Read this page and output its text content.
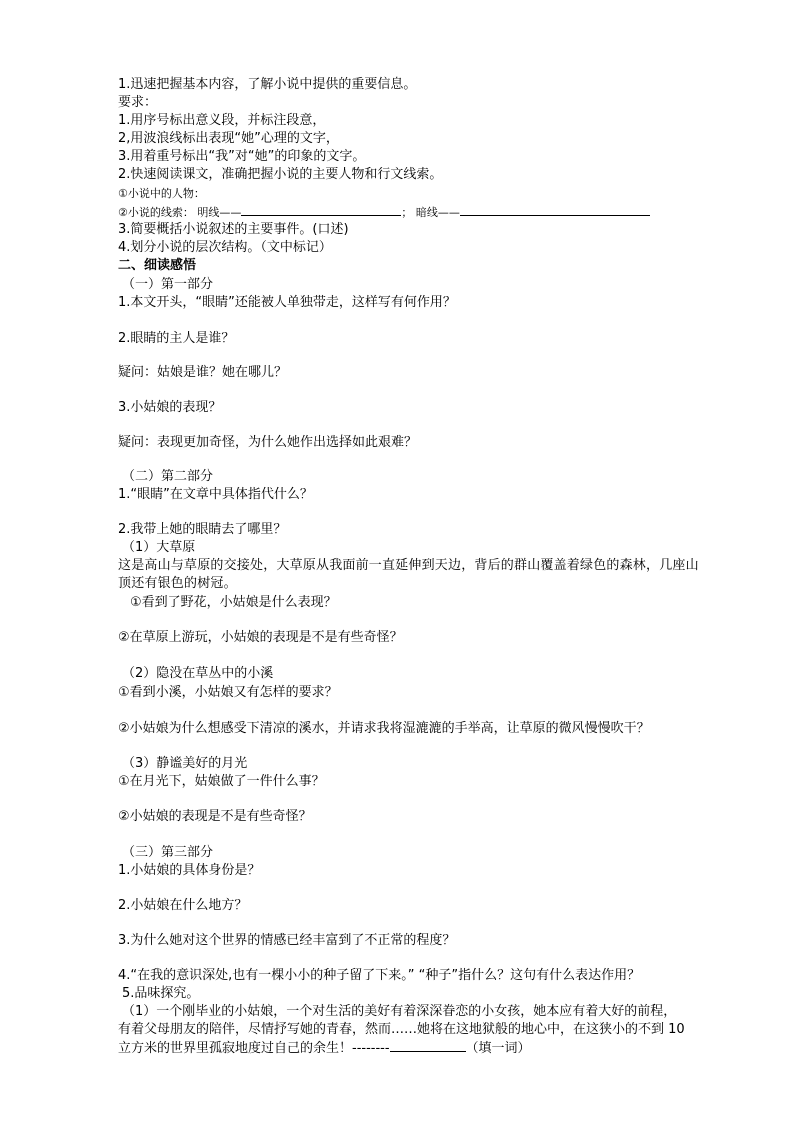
1.迅速把握基本内容，了解小说中提供的重要信息。
要求：
1.用序号标出意义段，并标注段意，
2,用波浪线标出表现“她”心理的文字，
3.用着重号标出“我”对“她”的印象的文字。
2.快速阅读课文，准确把握小说的主要人物和行文线索。
①小说中的人物：
②小说的线索： 明线——	； 暗线——
3.简要概括小说叙述的主要事件。(口述)
4.划分小说的层次结构。（文中标记）
二、细读感悟
（一）第一部分
1.本文开头，“眼睛”还能被人单独带走，这样写有何作用？
2.眼睛的主人是谁？
疑问：姑娘是谁？她在哪儿？
3.小姑娘的表现？
疑问：表现更加奇怪，为什么她作出选择如此艰难？
（二）第二部分
1.“眼睛”在文章中具体指代什么？
2.我带上她的眼睛去了哪里？
（1）大草原
这是高山与草原的交接处，大草原从我面前一直延伸到天边，背后的群山覆盖着绿色的森林，几座山顶还有银色的树冠。
①看到了野花，小姑娘是什么表现？
②在草原上游玩，小姑娘的表现是不是有些奇怪？
（2）隐没在草丛中的小溪
①看到小溪，小姑娘又有怎样的要求？
②小姑娘为什么想感受下清凉的溪水，并请求我将湿漉漉的手举高，让草原的微风慢慢吹干？
（3）静谧美好的月光
①在月光下，姑娘做了一件什么事？
②小姑娘的表现是不是有些奇怪？
（三）第三部分
1.小姑娘的具体身份是？
2.小姑娘在什么地方？
3.为什么她对这个世界的情感已经丰富到了不正常的程度？
4.“在我的意识深处,也有一棵小小的种子留了下来。” “种子”指什么？这句有什么表达作用？
5.品味探究。
（1）一个刚毕业的小姑娘，一个对生活的美好有着深深眷恋的小女孩，她本应有着大好的前程，
有着父母朋友的陪伴，尽情抒写她的青春，然而……她将在这地狱般的地心中，在这狭小的不到 10
立方米的世界里孤寂地度过自己的余生！--------	（填一词）
